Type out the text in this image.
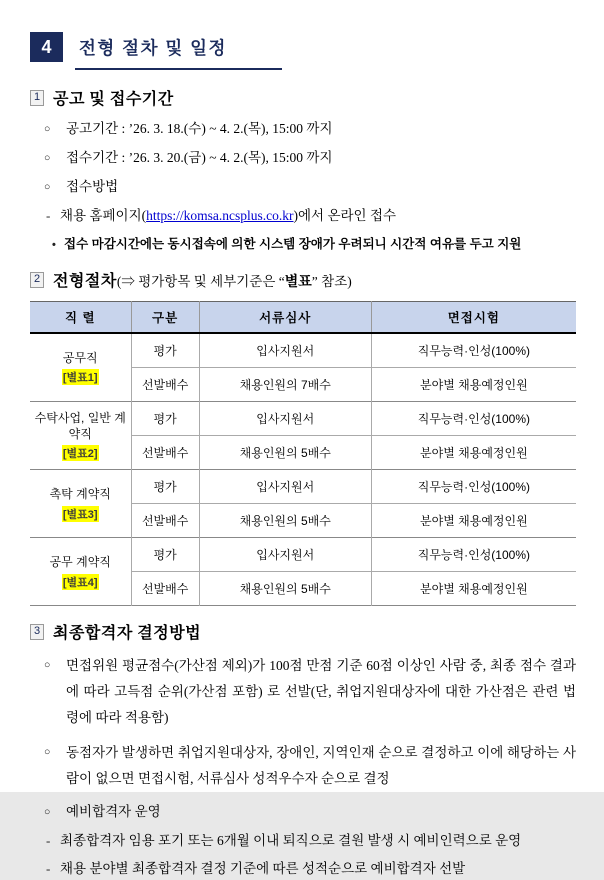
4	전형 절차 및 일정
1 공고 및 접수기간
○	공고기간 : ’26. 3. 18.(수) ~ 4. 2.(목), 15:00 까지
○	접수기간 : ’26. 3. 20.(금) ~ 4. 2.(목), 15:00 까지
○	접수방법
- 채용 홈페이지(https://komsa.ncsplus.co.kr)에서 온라인 접수
• 접수 마감시간에는 동시접속에 의한 시스템 장애가 우려되니 시간적 여유를 두고 지원
2 전형절차 (⇒ 평가항목 및 세부기준은 “별표” 참조)
직 렬	구분	서류심사	면접시험

공무직
[별표1]	평가	입사지원서	직무능력·인성(100%)
	선발배수	채용인원의 7배수	분야별 채용예정인원

수탁사업, 일반 계약직
[별표2]	평가	입사지원서	직무능력·인성(100%)
	선발배수	채용인원의 5배수	분야별 채용예정인원

촉탁 계약직
[별표3]	평가	입사지원서	직무능력·인성(100%)
	선발배수	채용인원의 5배수	분야별 채용예정인원

공무 계약직
[별표4]	평가	입사지원서	직무능력·인성(100%)
	선발배수	채용인원의 5배수	분야별 채용예정인원
3 최종합격자 결정방법
○	면접위원 평균점수(가산점 제외)가 100점 만점 기준 60점 이상인 사람 중, 최종 점수 결과에 따라 고득점 순위(가산점 포함) 로 선발(단, 취업지원대상자에 대한 가산점은 관련 법령에 따라 적용함)
○	동점자가 발생하면 취업지원대상자, 장애인, 지역인재 순으로 결정하고 이에 해당하는 사람이 없으면 면접시험, 서류심사 성적우수자 순으로 결정
○	예비합격자 운영
- 최종합격자 임용 포기 또는 6개월 이내 퇴직으로 결원 발생 시 예비인력으로 운영
- 채용 분야별 최종합격자 결정 기준에 따른 성적순으로 예비합격자 선발
